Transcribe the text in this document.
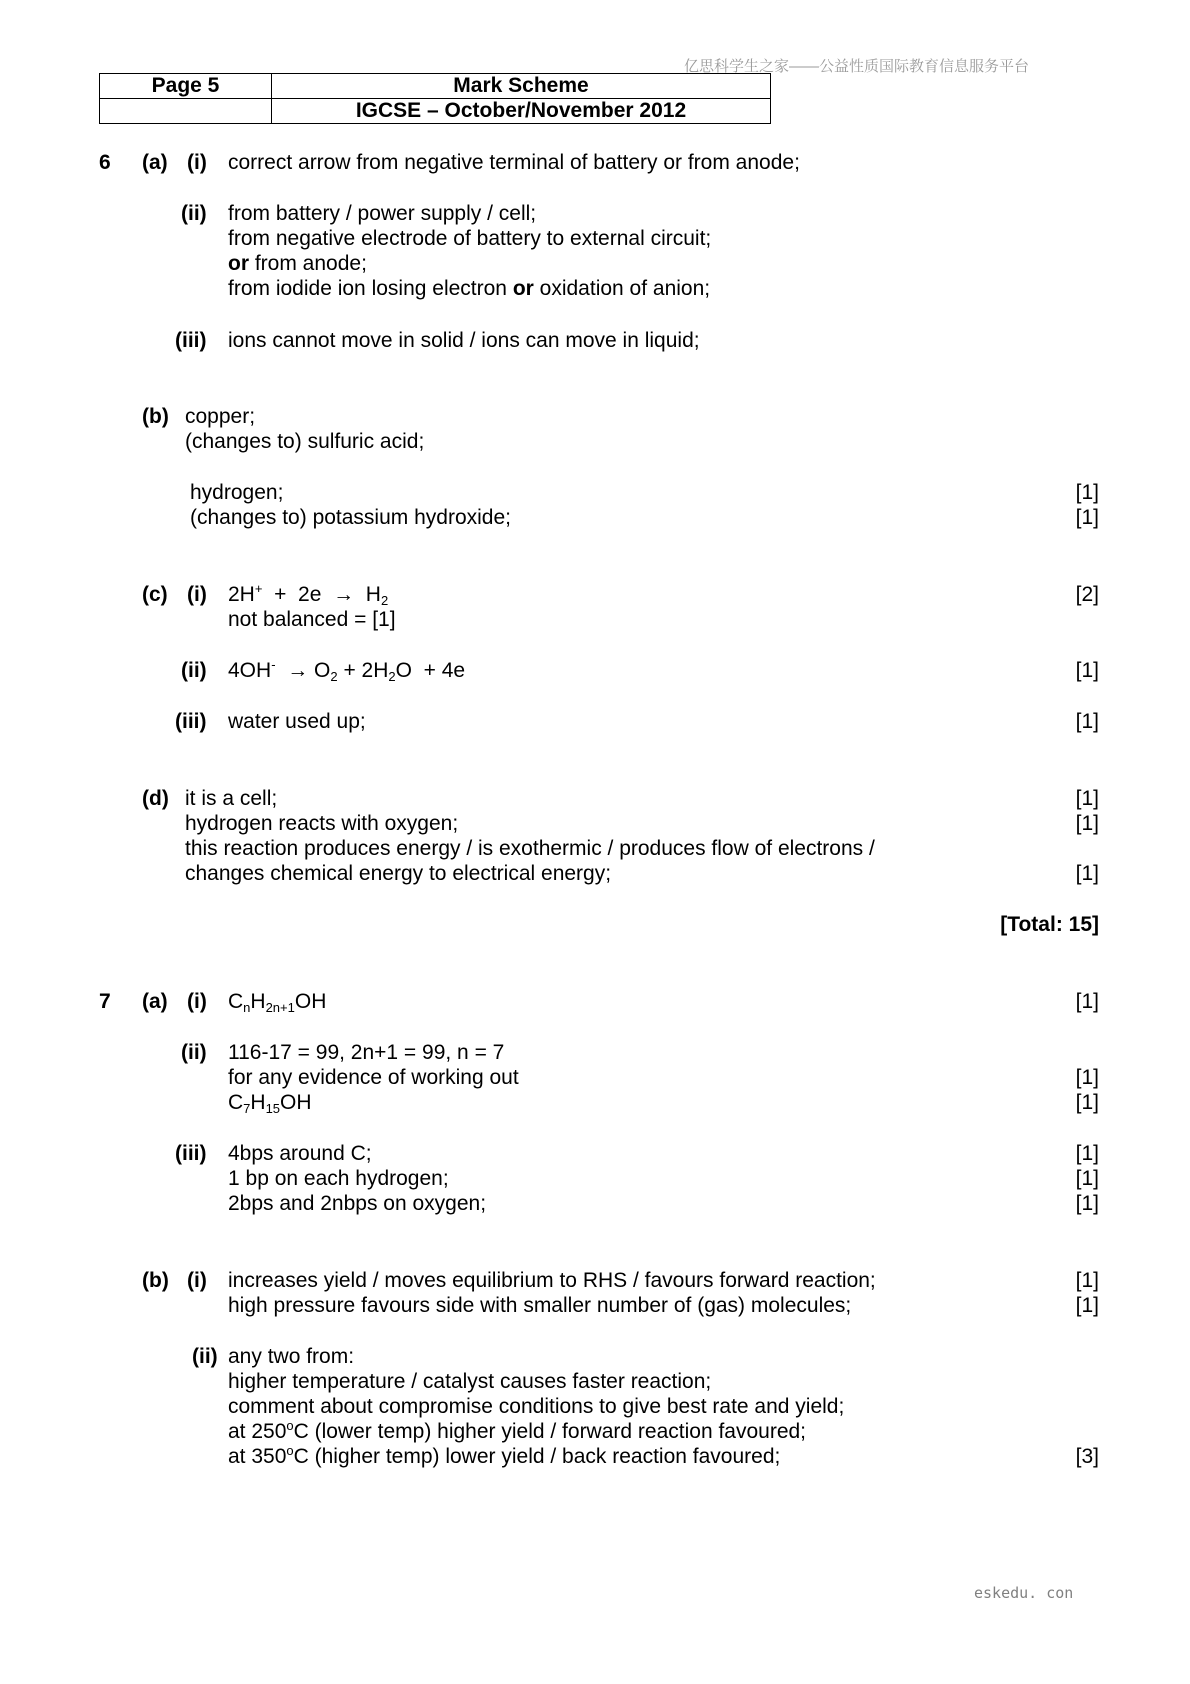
亿思科学生之家——公益性质国际教育信息服务平台
Page 5	Mark Scheme
	IGCSE – October/November 2012
6 (a) (i) correct arrow from negative terminal of battery or from anode;
(ii) from battery / power supply / cell;
from negative electrode of battery to external circuit;
or from anode;
from iodide ion losing electron or oxidation of anion;
(iii) ions cannot move in solid / ions can move in liquid;
(b) copper;
(changes to) sulfuric acid;
hydrogen;	[1]
(changes to) potassium hydroxide;	[1]
(c) (i) $2H^+ + 2e \to H_2$	[2]
not balanced = [1]
(ii) $4OH^- \to O_2 + 2H_2O + 4e$	[1]
(iii) water used up;	[1]
(d) it is a cell;	[1]
hydrogen reacts with oxygen;	[1]
this reaction produces energy / is exothermic / produces flow of electrons /
changes chemical energy to electrical energy;	[1]
[Total: 15]
7 (a) (i) $C_nH_{2n+1}OH$	[1]
(ii) 116-17 = 99, 2n+1 = 99, n = 7
for any evidence of working out	[1]
$C_7H_{15}OH$	[1]
(iii) 4bps around C;	[1]
1 bp on each hydrogen;	[1]
2bps and 2nbps on oxygen;	[1]
(b) (i) increases yield / moves equilibrium to RHS / favours forward reaction;	[1]
high pressure favours side with smaller number of (gas) molecules;	[1]
(ii) any two from:
higher temperature / catalyst causes faster reaction;
comment about compromise conditions to give best rate and yield;
at 250$^o$C (lower temp) higher yield / forward reaction favoured;
at 350$^o$C (higher temp) lower yield / back reaction favoured;	[3]
eskedu. con
